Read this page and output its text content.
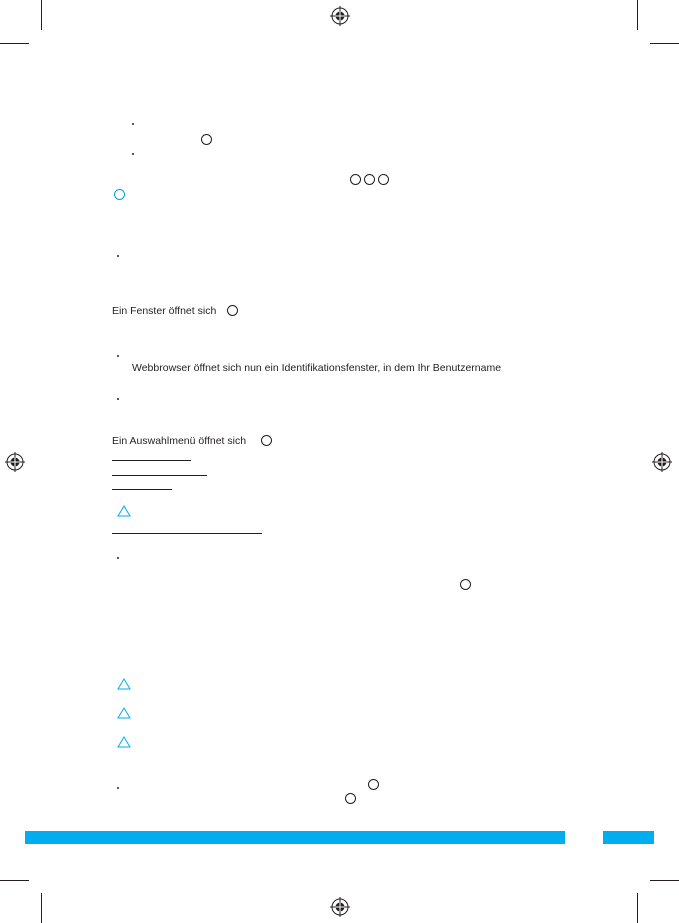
Ein Fenster öffnet sich
Webbrowser öffnet sich nun ein Identifikationsfenster, in dem Ihr Benutzername
Ein Auswahlmenü öffnet sich
